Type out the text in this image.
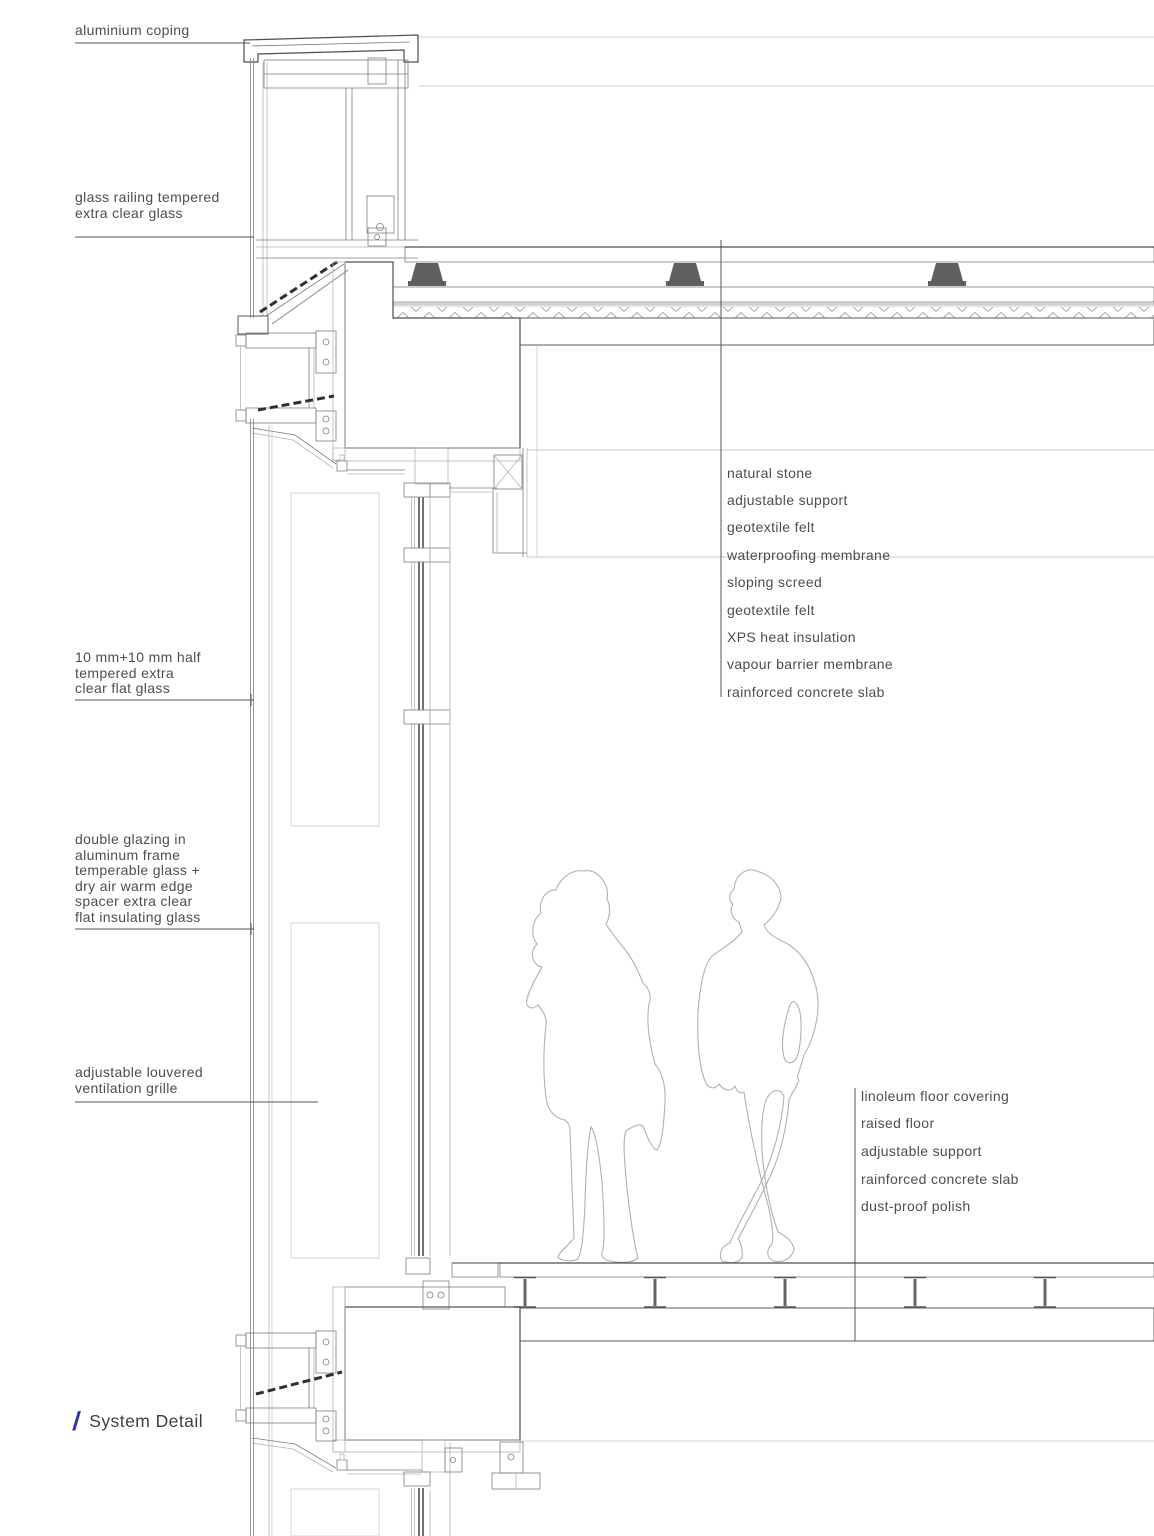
aluminium coping
glass railing tempered
extra clear glass
10 mm+10 mm half
tempered extra
clear flat glass
double glazing in
aluminum frame
temperable glass +
dry air warm edge
spacer extra clear
flat insulating glass
adjustable louvered
ventilation grille
natural stone
adjustable support
geotextile felt
waterproofing membrane
sloping screed
geotextile felt
XPS heat insulation
vapour barrier membrane
rainforced concrete slab
linoleum floor covering
raised floor
adjustable support
rainforced concrete slab
dust-proof polish
/ System Detail
